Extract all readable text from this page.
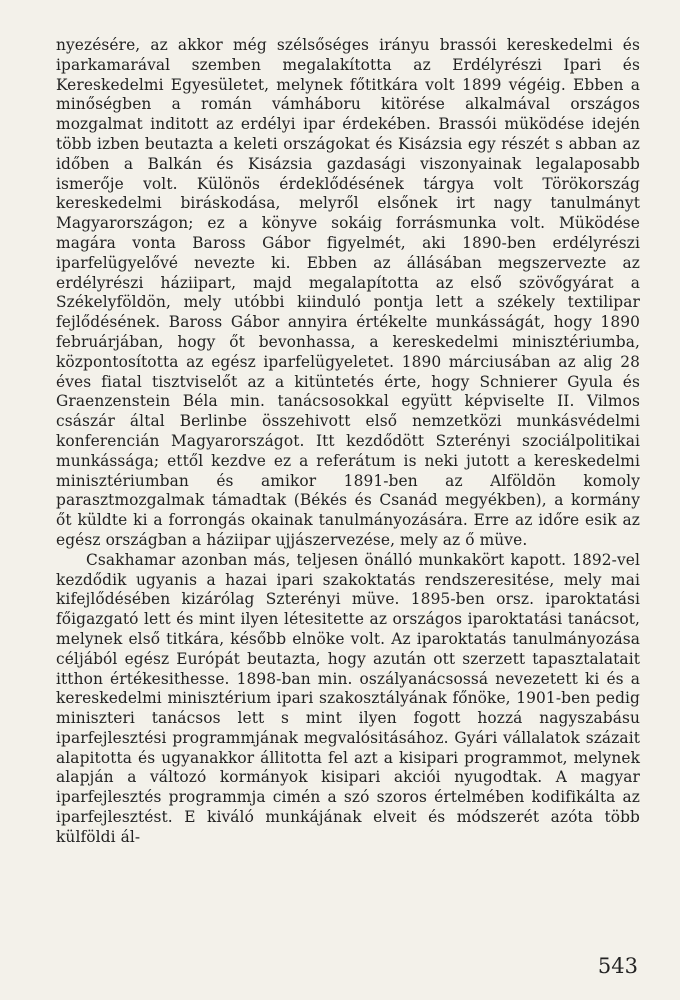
nyezésére, az akkor még szélsőséges irányu brassói kereskedelmi és iparkamarával szemben megalakította az Erdélyrészi Ipari és Kereskedelmi Egyesületet, melynek főtitkára volt 1899 végéig. Ebben a minőségben a román vámháboru kitörése alkalmával országos mozgalmat inditott az erdélyi ipar érdekében. Brassói müködése idején több izben beutazta a keleti országokat és Kisázsia egy részét s abban az időben a Balkán és Kisázsia gazdasági viszonyainak legalaposabb ismerője volt. Különös érdeklődésének tárgya volt Törökország kereskedelmi biráskodása, melyről elsőnek irt nagy tanulmányt Magyarországon; ez a könyve sokáig forrásmunka volt. Müködése magára vonta Baross Gábor figyelmét, aki 1890-ben erdélyrészi iparfelügyelővé nevezte ki. Ebben az állásában megszervezte az erdélyrészi háziipart, majd megalapította az első szövőgyárat a Székelyföldön, mely utóbbi kiinduló pontja lett a székely textilipar fejlődésének. Baross Gábor annyira értékelte munkásságát, hogy 1890 februárjában, hogy őt bevonhassa, a kereskedelmi minisztériumba, központosította az egész iparfelügyeletet. 1890 márciusában az alig 28 éves fiatal tisztviselőt az a kitüntetés érte, hogy Schnierer Gyula és Graenzenstein Béla min. tanácsosokkal együtt képviselte II. Vilmos császár által Berlinbe összehivott első nemzetközi munkásvédelmi konferencián Magyarországot. Itt kezdődött Szterényi szociálpolitikai munkássága; ettől kezdve ez a referátum is neki jutott a kereskedelmi minisztériumban és amikor 1891-ben az Alföldön komoly parasztmozgalmak támadtak (Békés és Csanád megyékben), a kormány őt küldte ki a forrongás okainak tanulmányozására. Erre az időre esik az egész országban a háziipar ujjászervezése, mely az ő müve.

Csakhamar azonban más, teljesen önálló munkakört kapott. 1892-vel kezdődik ugyanis a hazai ipari szakoktatás rendszeresitése, mely mai kifejlődésében kizárólag Szterényi müve. 1895-ben orsz. iparoktatási főigazgató lett és mint ilyen létesitette az országos iparoktatási tanácsot, melynek első titkára, később elnöke volt. Az iparoktatás tanulmányozása céljából egész Európát beutazta, hogy azután ott szerzett tapasztalatait itthon értékesithesse. 1898-ban min. oszályanácsossá nevezetett ki és a kereskedelmi minisztérium ipari szakosztályának főnöke, 1901-ben pedig miniszteri tanácsos lett s mint ilyen fogott hozzá nagyszabásu iparfejlesztési programmjának megvalósitásához. Gyári vállalatok százait alapitotta és ugyanakkor állitotta fel azt a kisipari programmot, melynek alapján a változó kormányok kisipari akciói nyugodtak. A magyar iparfejlesztés programmja cimén a szó szoros értelmében kodifikálta az iparfejlesztést. E kiváló munkájának elveit és módszerét azóta több külföldi ál-

543
